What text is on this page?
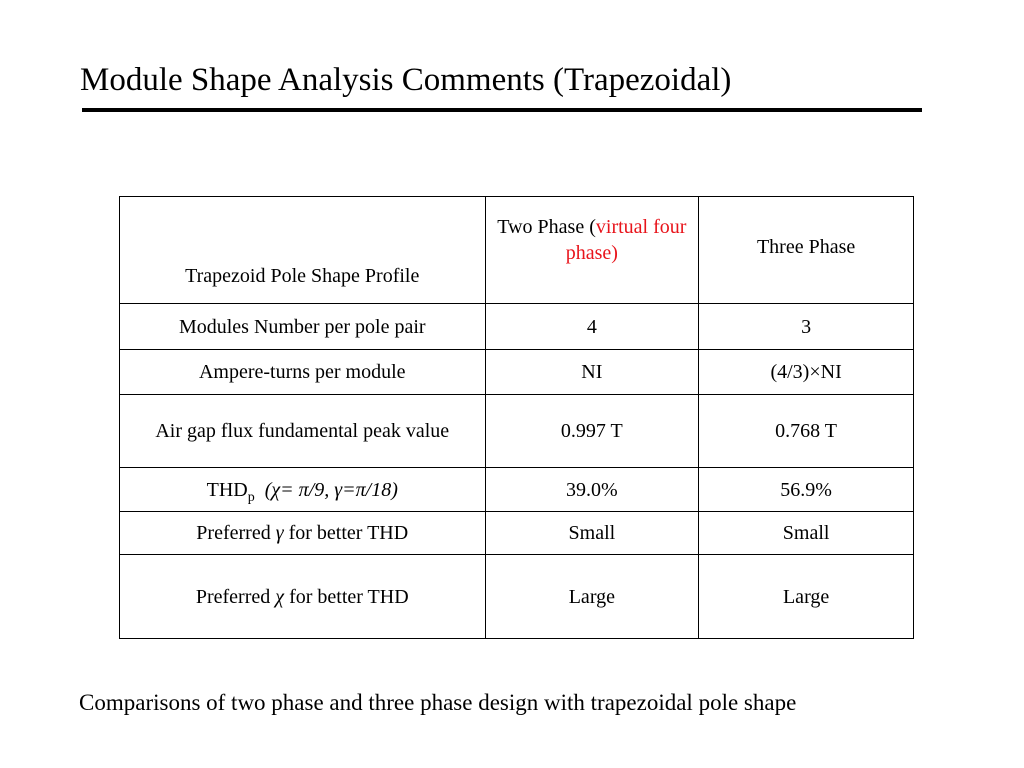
Module Shape Analysis Comments (Trapezoidal)
Trapezoid Pole Shape Profile	Two Phase (virtual four phase)	Three Phase
Modules Number per pole pair	4	3
Ampere-turns per module	NI	(4/3)×NI
Air gap flux fundamental peak value	0.997 T	0.768 T
$THD_p$ (χ= π/9, γ=π/18)	39.0%	56.9%
Preferred γ for better THD	Small	Small
Preferred χ for better THD	Large	Large
Comparisons of two phase and three phase design with trapezoidal pole shape
